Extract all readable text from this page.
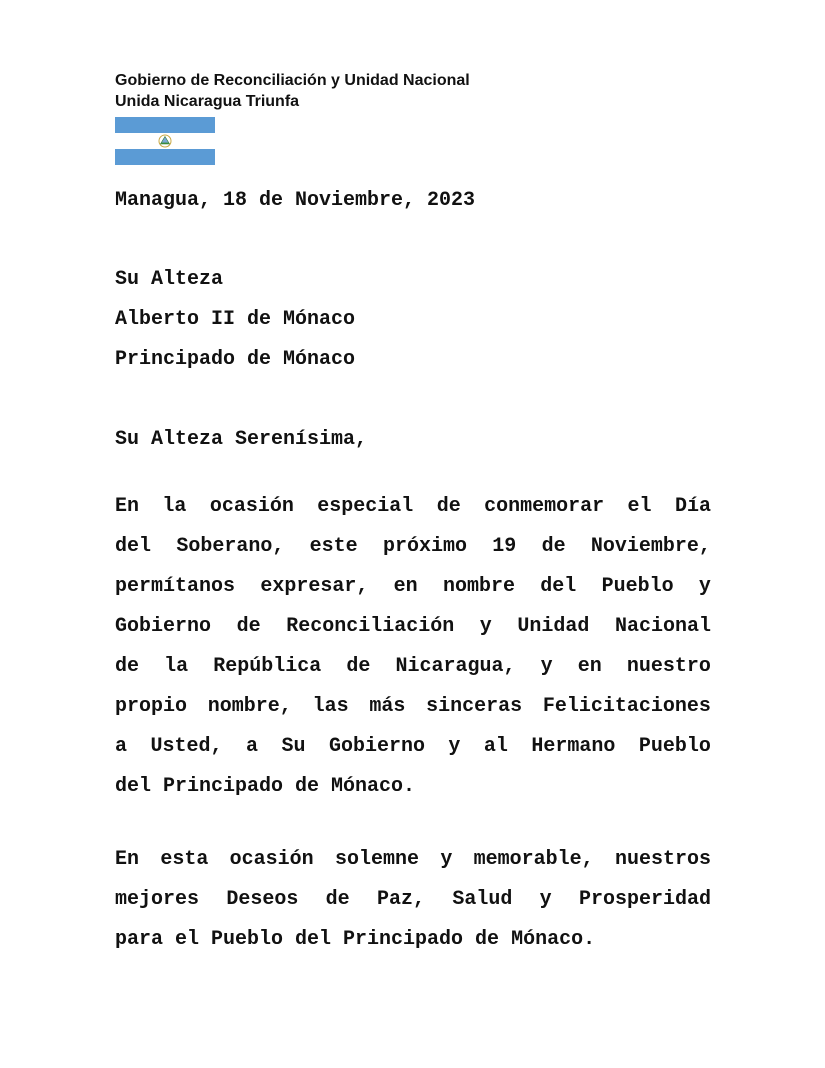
Gobierno de Reconciliación y Unidad Nacional
Unida Nicaragua Triunfa
Managua, 18 de Noviembre, 2023
Su Alteza
Alberto II de Mónaco
Principado de Mónaco
Su Alteza Serenísima,
En la ocasión especial de conmemorar el Día
del Soberano, este próximo 19 de Noviembre,
permítanos expresar, en nombre del Pueblo y
Gobierno de Reconciliación y Unidad Nacional
de la República de Nicaragua, y en nuestro
propio nombre, las más sinceras Felicitaciones
a Usted, a Su Gobierno y al Hermano Pueblo
del Principado de Mónaco.
En esta ocasión solemne y memorable, nuestros
mejores Deseos de Paz, Salud y Prosperidad
para el Pueblo del Principado de Mónaco.
